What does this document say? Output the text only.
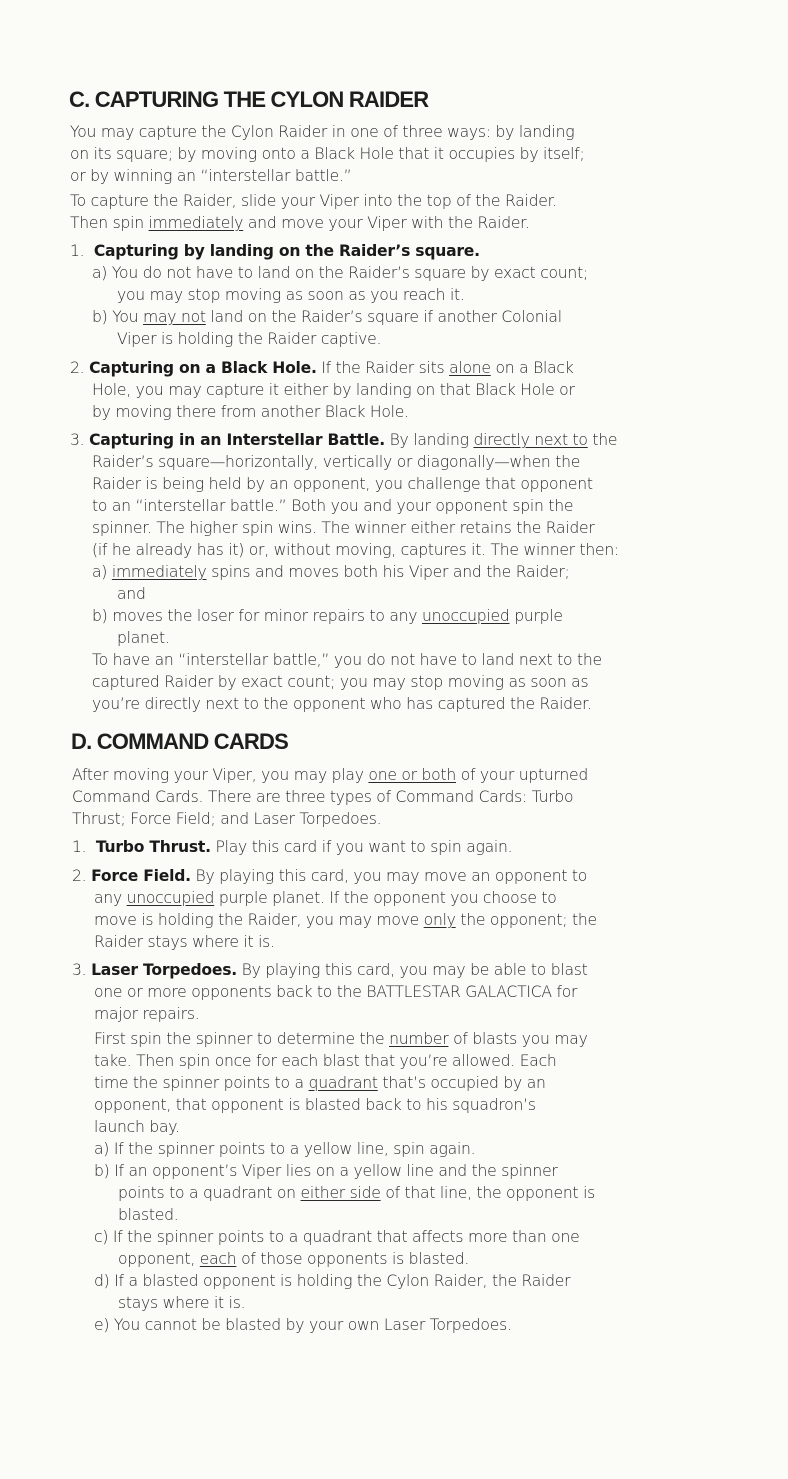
C. CAPTURING THE CYLON RAIDER
You may capture the Cylon Raider in one of three ways: by landing
on its square; by moving onto a Black Hole that it occupies by itself;
or by winning an “interstellar battle.”
To capture the Raider, slide your Viper into the top of the Raider.
Then spin immediately and move your Viper with the Raider.
1. Capturing by landing on the Raider’s square.
a) You do not have to land on the Raider’s square by exact count;
you may stop moving as soon as you reach it.
b) You may not land on the Raider’s square if another Colonial
Viper is holding the Raider captive.
2. Capturing on a Black Hole. If the Raider sits alone on a Black
Hole, you may capture it either by landing on that Black Hole or
by moving there from another Black Hole.
3. Capturing in an Interstellar Battle. By landing directly next to the
Raider’s square—horizontally, vertically or diagonally—when the
Raider is being held by an opponent, you challenge that opponent
to an “interstellar battle.” Both you and your opponent spin the
spinner. The higher spin wins. The winner either retains the Raider
(if he already has it) or, without moving, captures it. The winner then:
a) immediately spins and moves both his Viper and the Raider;
and
b) moves the loser for minor repairs to any unoccupied purple
planet.
To have an “interstellar battle,” you do not have to land next to the
captured Raider by exact count; you may stop moving as soon as
you’re directly next to the opponent who has captured the Raider.
D. COMMAND CARDS
After moving your Viper, you may play one or both of your upturned
Command Cards. There are three types of Command Cards: Turbo
Thrust; Force Field; and Laser Torpedoes.
1. Turbo Thrust. Play this card if you want to spin again.
2. Force Field. By playing this card, you may move an opponent to
any unoccupied purple planet. If the opponent you choose to
move is holding the Raider, you may move only the opponent; the
Raider stays where it is.
3. Laser Torpedoes. By playing this card, you may be able to blast
one or more opponents back to the BATTLESTAR GALACTICA for
major repairs.
First spin the spinner to determine the number of blasts you may
take. Then spin once for each blast that you’re allowed. Each
time the spinner points to a quadrant that’s occupied by an
opponent, that opponent is blasted back to his squadron’s
launch bay.
a) If the spinner points to a yellow line, spin again.
b) If an opponent’s Viper lies on a yellow line and the spinner
points to a quadrant on either side of that line, the opponent is
blasted.
c) If the spinner points to a quadrant that affects more than one
opponent, each of those opponents is blasted.
d) If a blasted opponent is holding the Cylon Raider, the Raider
stays where it is.
e) You cannot be blasted by your own Laser Torpedoes.
